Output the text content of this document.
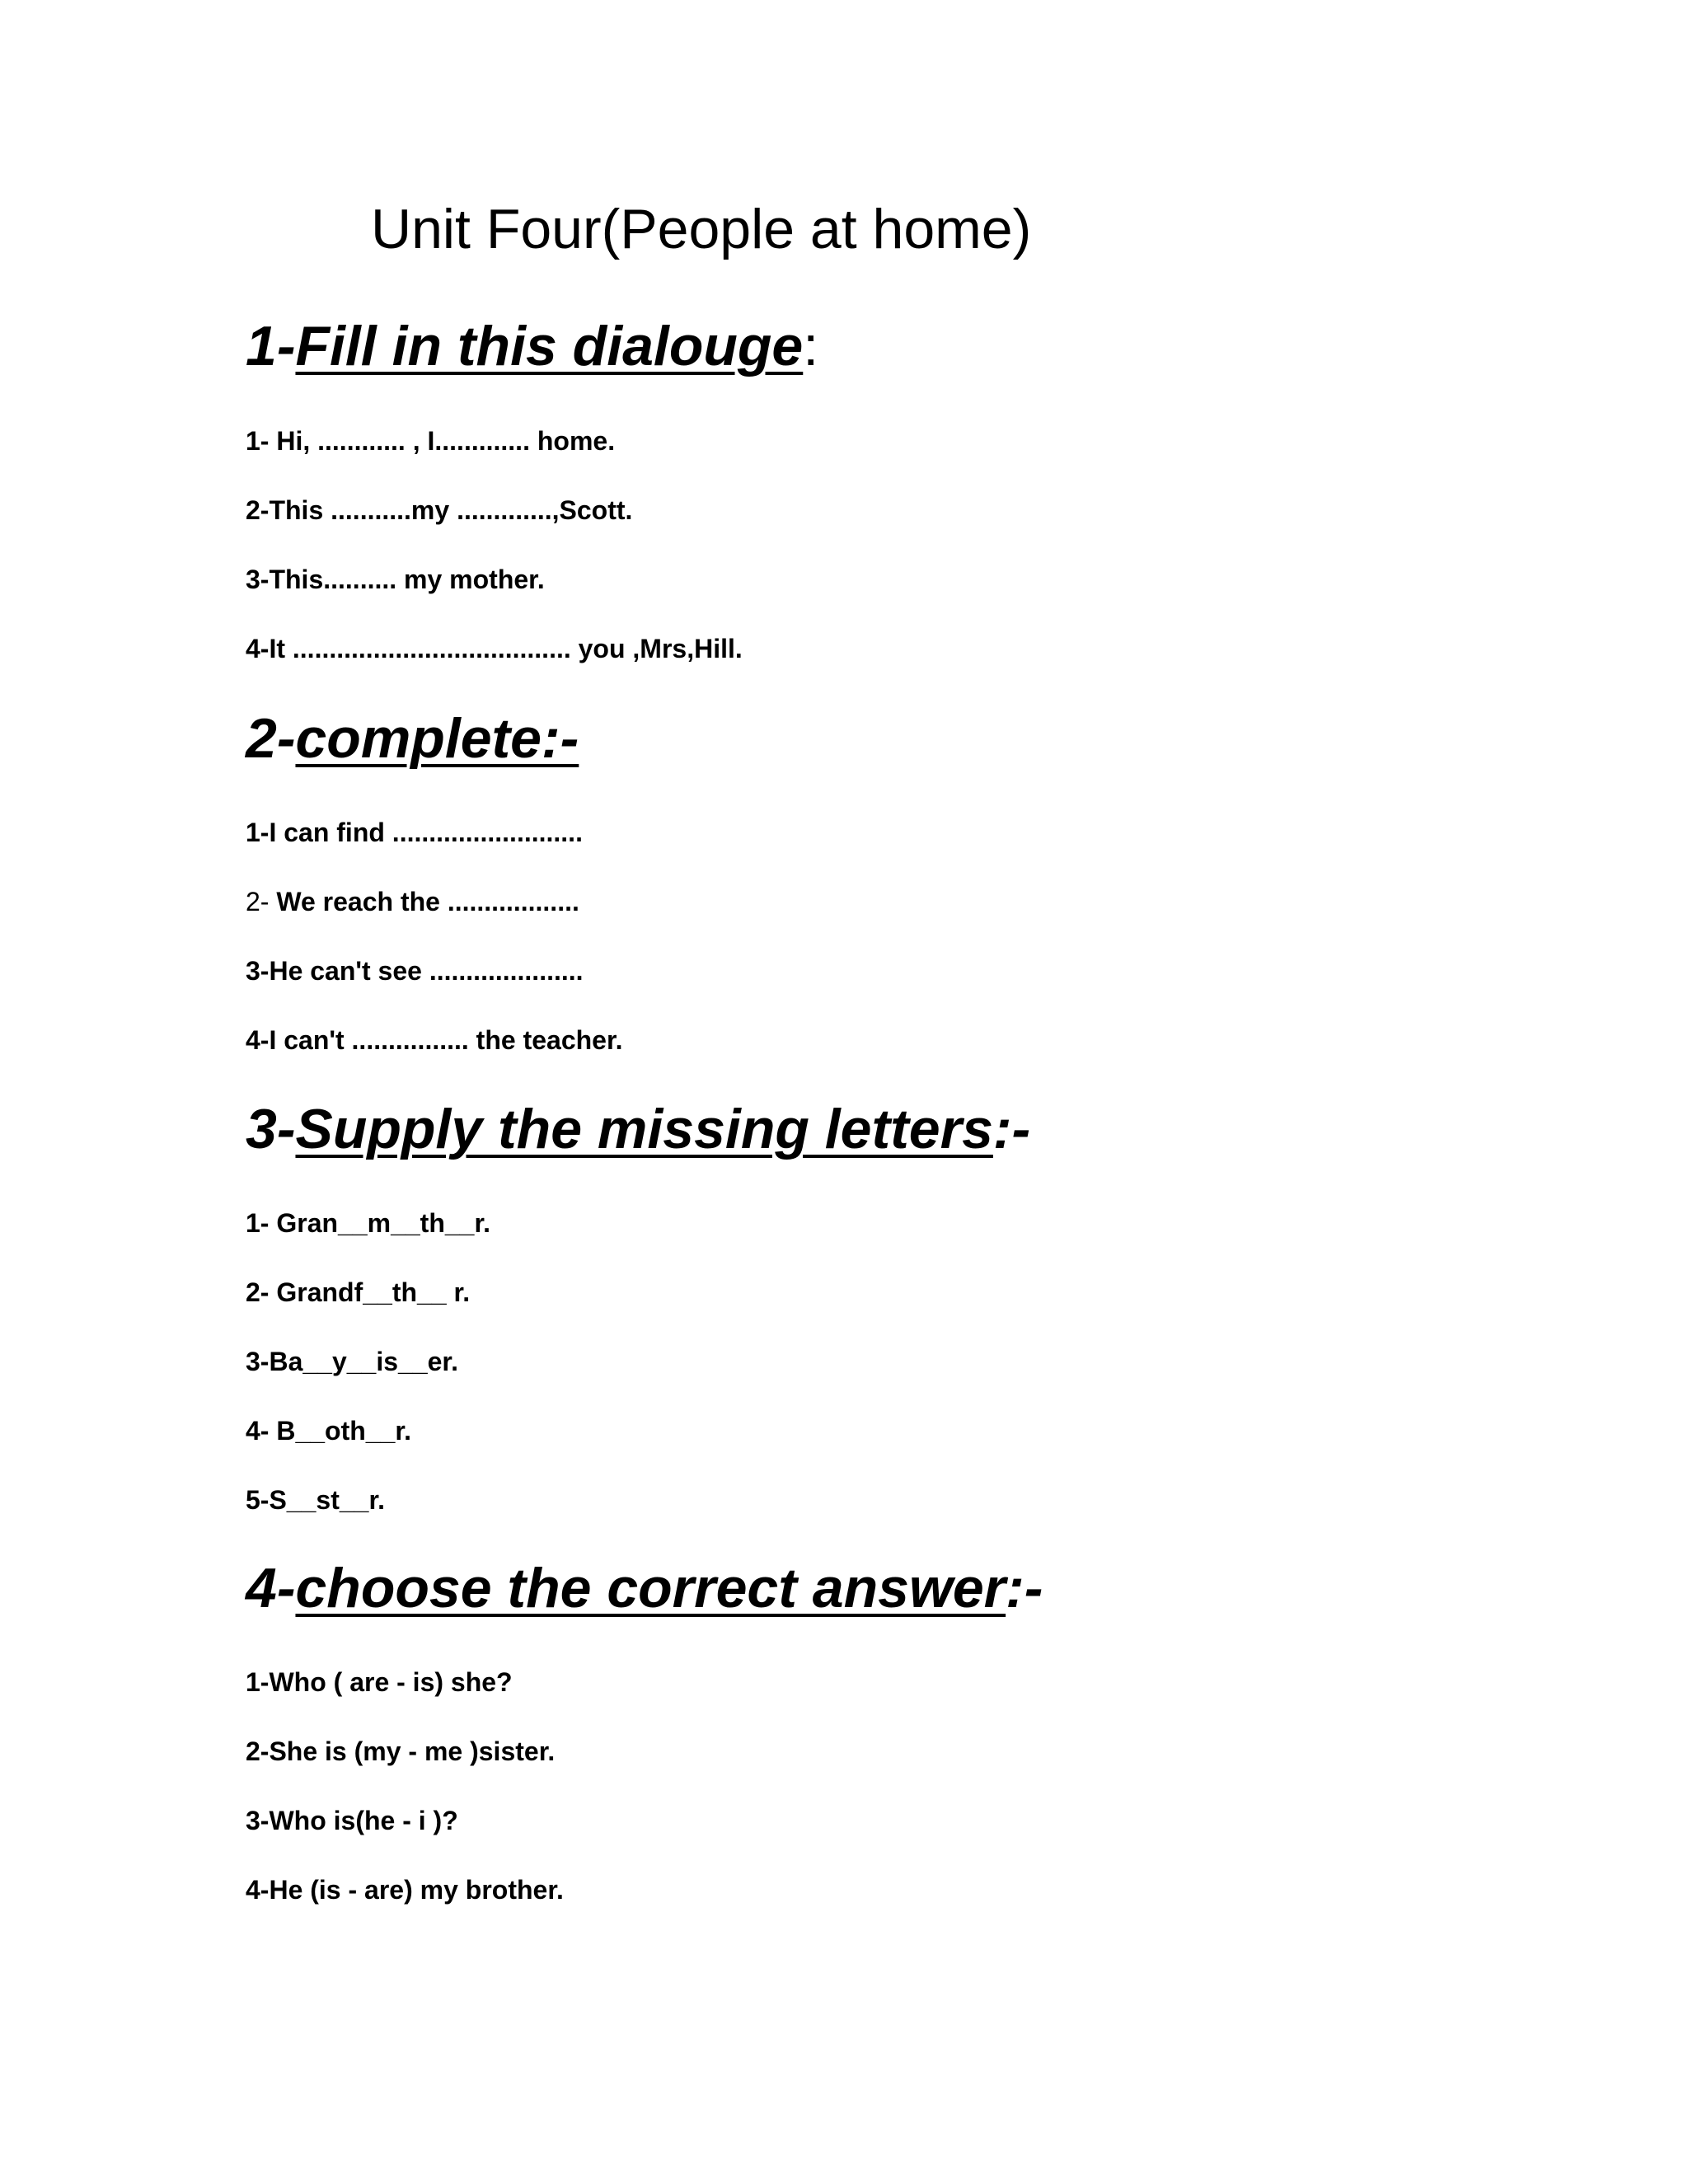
Unit Four(People at home)
1-Fill in this dialouge:
1- Hi, ............ , I............. home.
2-This ...........my .............,Scott.
3-This.......... my mother.
4-It ...................................... you ,Mrs,Hill.
2-complete:-
1-I can find ..........................
2- We reach the ..................
3-He can't see .....................
4-I can't ................ the teacher.
3-Supply the missing letters:-
1- Gran__m__th__r.
2- Grandf__th__ r.
3-Ba__y__is__er.
4- B__oth__r.
5-S__st__r.
4-choose the correct answer:-
1-Who ( are - is) she?
2-She is (my - me )sister.
3-Who is(he - i )?
4-He (is - are) my brother.
